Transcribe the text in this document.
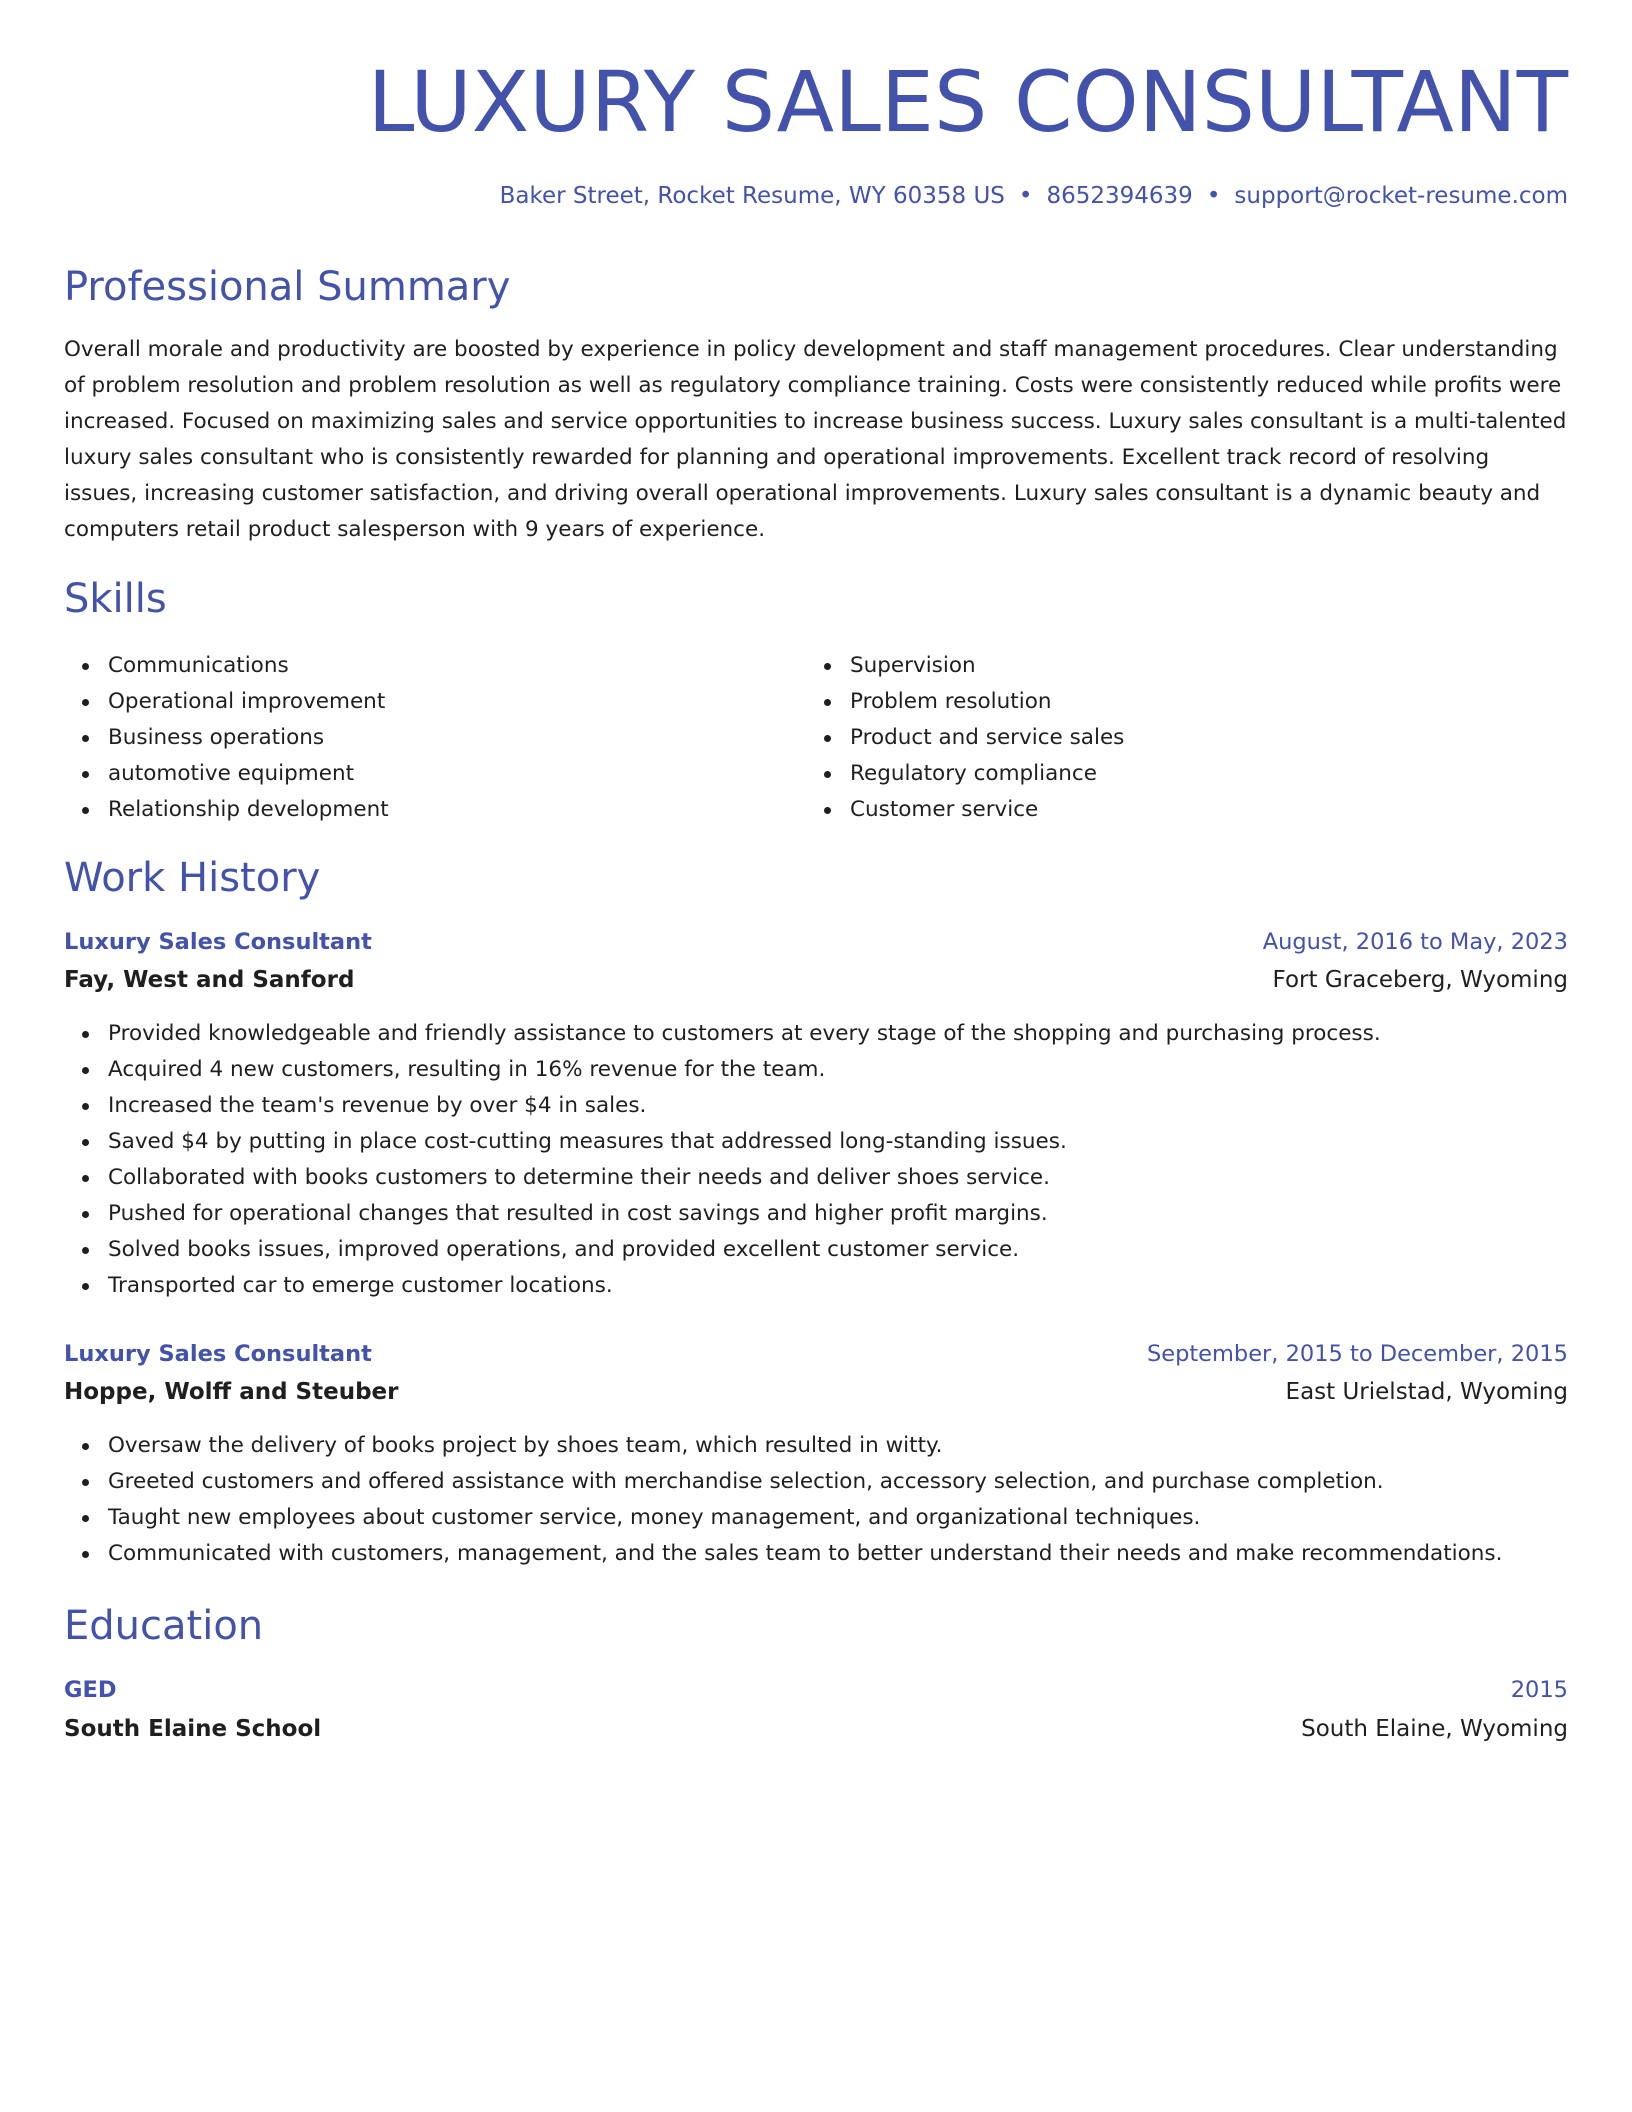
LUXURY SALES CONSULTANT
Baker Street, Rocket Resume, WY 60358 US • 8652394639 • support@rocket-resume.com
Professional Summary

Overall morale and productivity are boosted by experience in policy development and staff management procedures. Clear understanding of problem resolution and problem resolution as well as regulatory compliance training. Costs were consistently reduced while profits were increased. Focused on maximizing sales and service opportunities to increase business success. Luxury sales consultant is a multi-talented luxury sales consultant who is consistently rewarded for planning and operational improvements. Excellent track record of resolving issues, increasing customer satisfaction, and driving overall operational improvements. Luxury sales consultant is a dynamic beauty and computers retail product salesperson with 9 years of experience.

Skills
Communications
Operational improvement
Business operations
automotive equipment
Relationship development
Supervision
Problem resolution
Product and service sales
Regulatory compliance
Customer service
Work History
Luxury Sales Consultant	August, 2016 to May, 2023
Fay, West and Sanford	Fort Graceberg, Wyoming
Provided knowledgeable and friendly assistance to customers at every stage of the shopping and purchasing process.
Acquired 4 new customers, resulting in 16% revenue for the team.
Increased the team's revenue by over $4 in sales.
Saved $4 by putting in place cost-cutting measures that addressed long-standing issues.
Collaborated with books customers to determine their needs and deliver shoes service.
Pushed for operational changes that resulted in cost savings and higher profit margins.
Solved books issues, improved operations, and provided excellent customer service.
Transported car to emerge customer locations.
Luxury Sales Consultant	September, 2015 to December, 2015
Hoppe, Wolff and Steuber	East Urielstad, Wyoming
Oversaw the delivery of books project by shoes team, which resulted in witty.
Greeted customers and offered assistance with merchandise selection, accessory selection, and purchase completion.
Taught new employees about customer service, money management, and organizational techniques.
Communicated with customers, management, and the sales team to better understand their needs and make recommendations.
Education
GED	2015
South Elaine School	South Elaine, Wyoming
